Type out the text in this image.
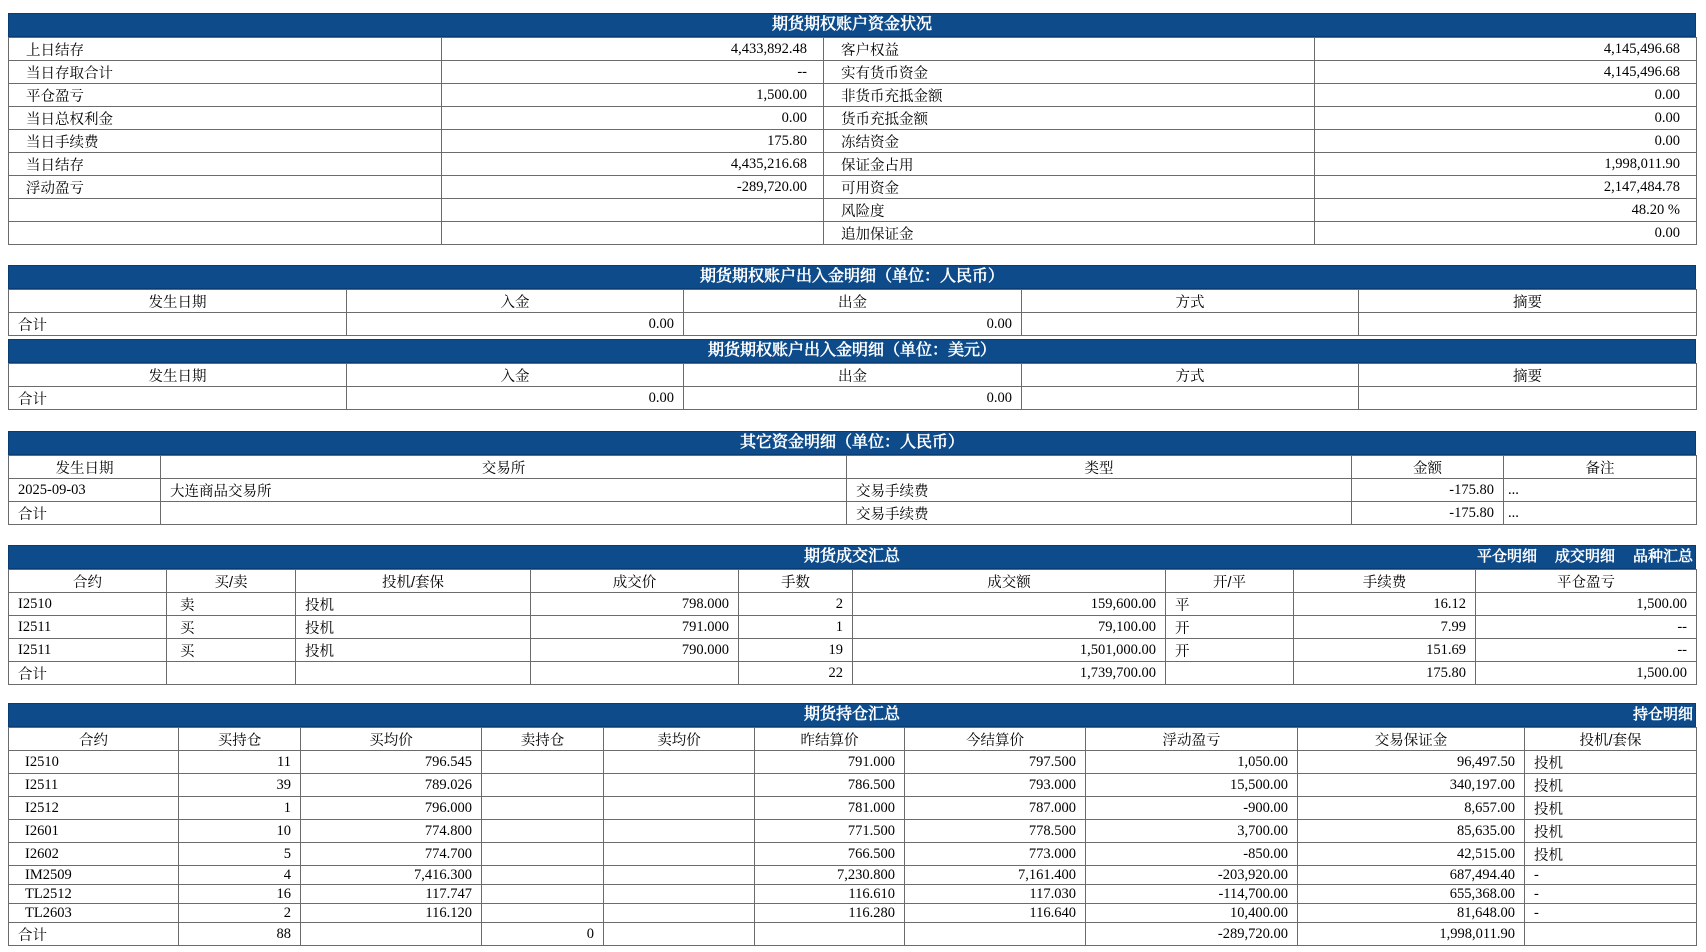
期货期权账户资金状况
上日结存	4,433,892.48	客户权益	4,145,496.68
当日存取合计	--	实有货币资金	4,145,496.68
平仓盈亏	1,500.00	非货币充抵金额	0.00
当日总权利金	0.00	货币充抵金额	0.00
当日手续费	175.80	冻结资金	0.00
当日结存	4,435,216.68	保证金占用	1,998,011.90
浮动盈亏	-289,720.00	可用资金	2,147,484.78
		风险度	48.20 %
		追加保证金	0.00
期货期权账户出入金明细（单位：人民币）
发生日期	入金	出金	方式	摘要
合计	0.00	0.00		
期货期权账户出入金明细（单位：美元）
发生日期	入金	出金	方式	摘要
合计	0.00	0.00		
其它资金明细（单位：人民币）
发生日期	交易所	类型	金额	备注
2025-09-03	大连商品交易所	交易手续费	-175.80	...
合计		交易手续费	-175.80	...
期货成交汇总	平仓明细 成交明细 品种汇总
合约	买/卖	投机/套保	成交价	手数	成交额	开/平	手续费	平仓盈亏
I2510	卖	投机	798.000	2	159,600.00	平	16.12	1,500.00
I2511	买	投机	791.000	1	79,100.00	开	7.99	--
I2511	买	投机	790.000	19	1,501,000.00	开	151.69	--
合计				22	1,739,700.00		175.80	1,500.00
期货持仓汇总	持仓明细
合约	买持仓	买均价	卖持仓	卖均价	昨结算价	今结算价	浮动盈亏	交易保证金	投机/套保
I2510	11	796.545			791.000	797.500	1,050.00	96,497.50	投机
I2511	39	789.026			786.500	793.000	15,500.00	340,197.00	投机
I2512	1	796.000			781.000	787.000	-900.00	8,657.00	投机
I2601	10	774.800			771.500	778.500	3,700.00	85,635.00	投机
I2602	5	774.700			766.500	773.000	-850.00	42,515.00	投机
IM2509	4	7,416.300			7,230.800	7,161.400	-203,920.00	687,494.40	-
TL2512	16	117.747			116.610	117.030	-114,700.00	655,368.00	-
TL2603	2	116.120			116.280	116.640	10,400.00	81,648.00	-
合计	88		0				-289,720.00	1,998,011.90	
